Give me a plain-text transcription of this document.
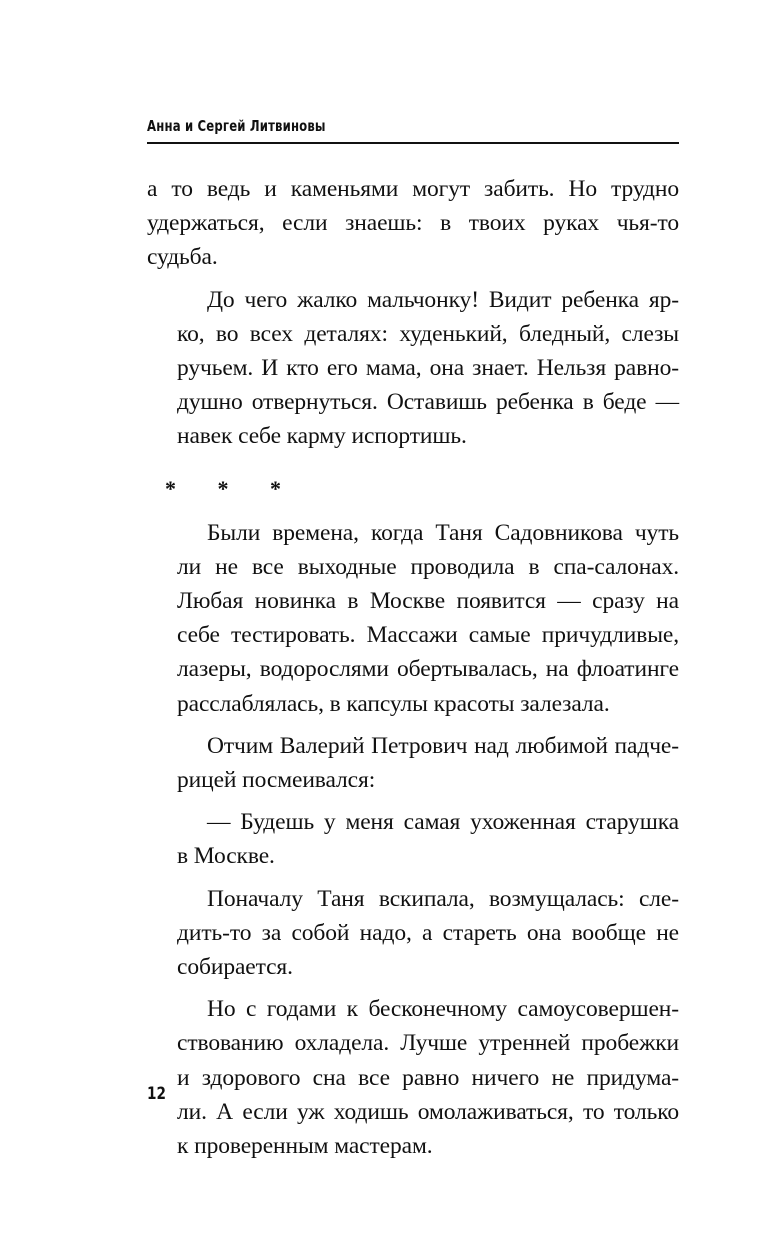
Анна и Сергей Литвиновы

а то ведь и каменьями могут забить. Но трудно
удержаться, если знаешь: в твоих руках чья-то
судьба.

До чего жалко мальчонку! Видит ребенка яр-
ко, во всех деталях: худенький, бледный, слезы
ручьем. И кто его мама, она знает. Нельзя равно-
душно отвернуться. Оставишь ребенка в беде —
навек себе карму испортишь.

* * *

Были времена, когда Таня Садовникова чуть
ли не все выходные проводила в спа-салонах.
Любая новинка в Москве появится — сразу на
себе тестировать. Массажи самые причудливые,
лазеры, водорослями обертывалась, на флоатинге
расслаблялась, в капсулы красоты залезала.

Отчим Валерий Петрович над любимой падче-
рицей посмеивался:

— Будешь у меня самая ухоженная старушка
в Москве.

Поначалу Таня вскипала, возмущалась: сле-
дить-то за собой надо, а стареть она вообще не
собирается.

Но с годами к бесконечному самоусовершен-
ствованию охладела. Лучше утренней пробежки
и здорового сна все равно ничего не придума-
ли. А если уж ходишь омолаживаться, то только
к проверенным мастерам.

12
